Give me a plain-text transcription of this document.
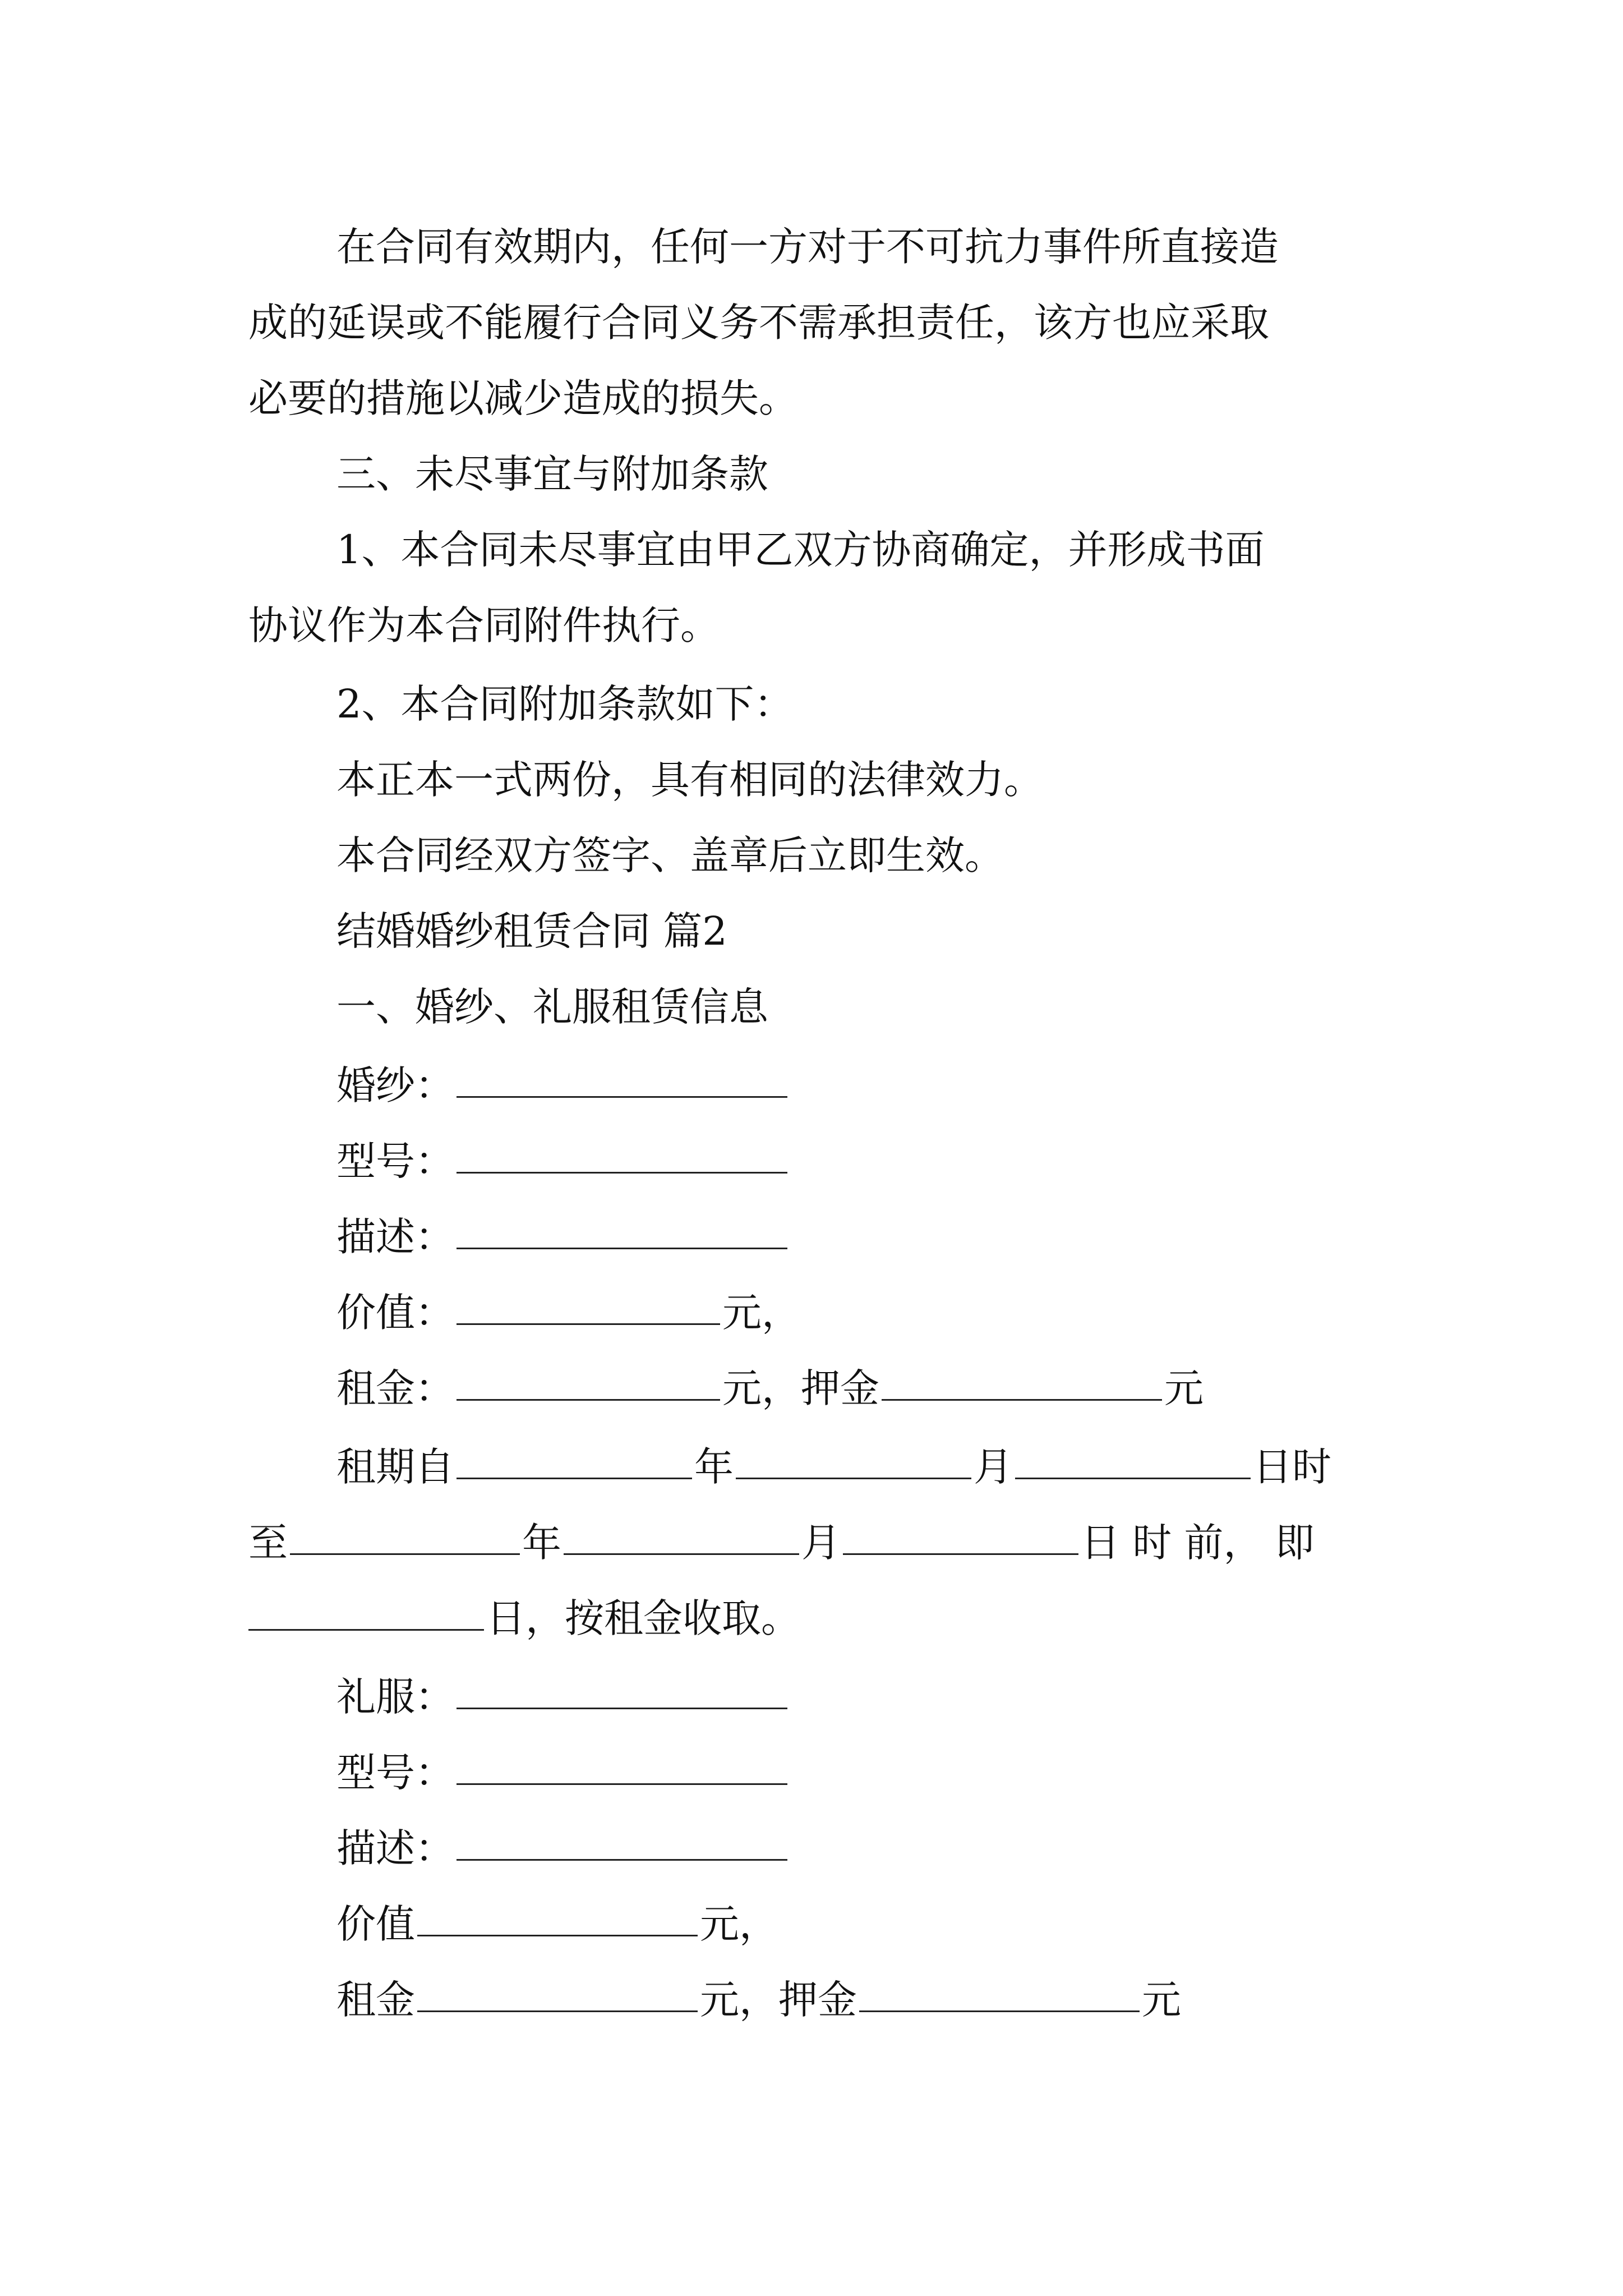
在合同有效期内，任何一方对于不可抗力事件所直接造
成的延误或不能履行合同义务不需承担责任，该方也应采取
必要的措施以减少造成的损失。
三、未尽事宜与附加条款
1、本合同未尽事宜由甲乙双方协商确定，并形成书面
协议作为本合同附件执行。
2、本合同附加条款如下：
本正本一式两份，具有相同的法律效力。
本合同经双方签字、盖章后立即生效。
结婚婚纱租赁合同 篇2
一、婚纱、礼服租赁信息
婚纱：
型号：
描述：
价值：	元，
租金：	元，押金	元
租期自	年	月	日时
至	年	月	日 时 前， 即
日，按租金收取。
礼服：
型号：
描述：
价值	元，
租金	元，押金	元
